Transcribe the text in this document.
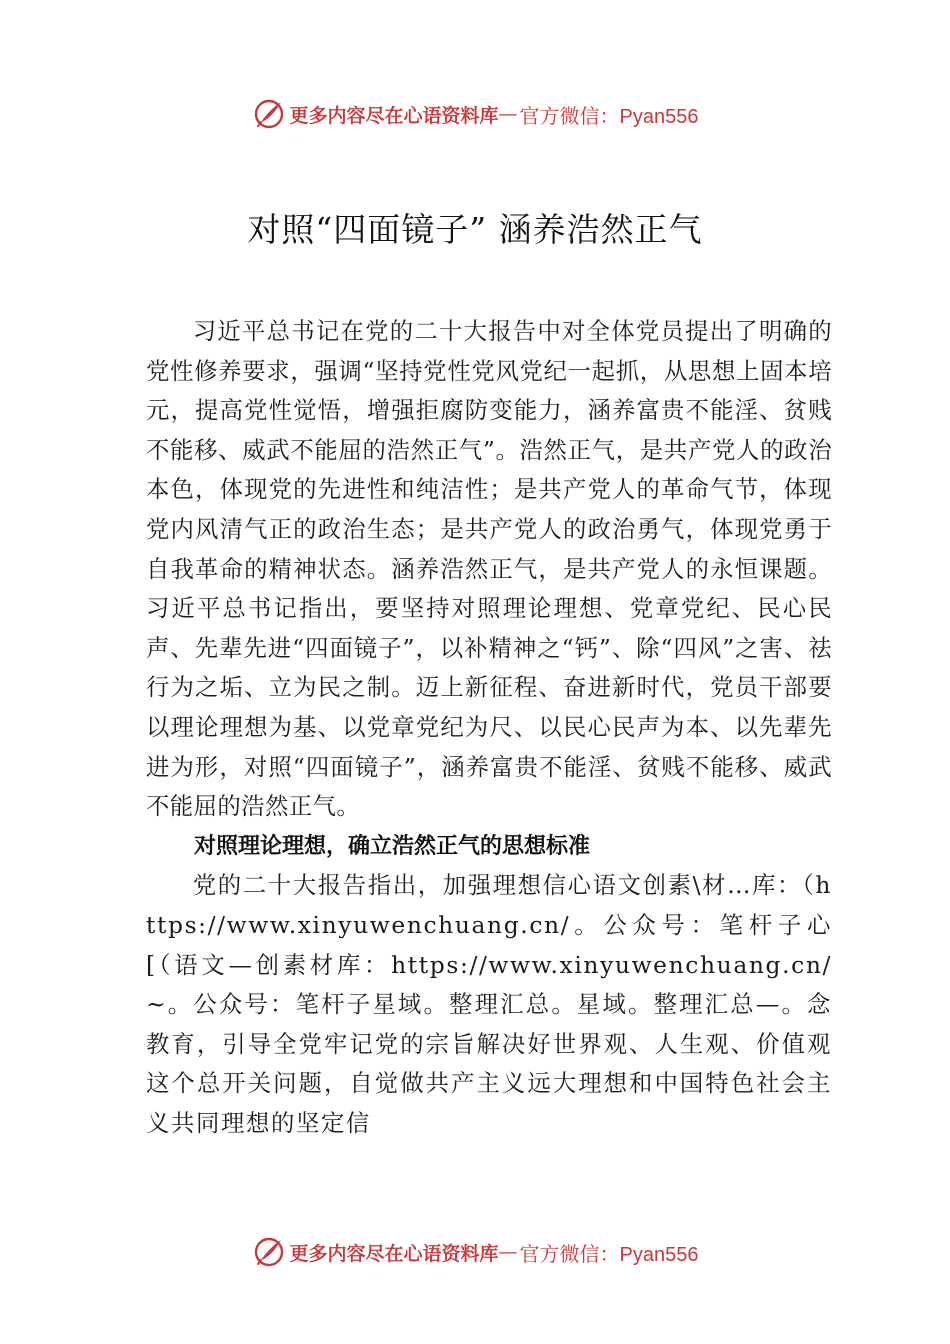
更多内容尽在心语资料库 — 官方微信：Pyan556
对照“四面镜子” 涵养浩然正气

习近平总书记在党的二十大报告中对全体党员提出了明确的党性修养要求，强调“坚持党性党风党纪一起抓，从思想上固本培元，提高党性觉悟，增强拒腐防变能力，涵养富贵不能淫、贫贱不能移、威武不能屈的浩然正气”。浩然正气，是共产党人的政治本色，体现党的先进性和纯洁性；是共产党人的革命气节，体现党内风清气正的政治生态；是共产党人的政治勇气，体现党勇于自我革命的精神状态。涵养浩然正气，是共产党人的永恒课题。习近平总书记指出，要坚持对照理论理想、党章党纪、民心民声、先辈先进“四面镜子”，以补精神之“钙”、除“四风”之害、祛行为之垢、立为民之制。迈上新征程、奋进新时代，党员干部要以理论理想为基、以党章党纪为尺、以民心民声为本、以先辈先进为形，对照“四面镜子”，涵养富贵不能淫、贫贱不能移、威武不能屈的浩然正气。

对照理论理想，确立浩然正气的思想标准

党的二十大报告指出，加强理想信心语文创素\材…库：（https://www.xinyuwenchuang.cn/。公众号：笔杆子心[（语文—创素材库：https://www.xinyuwenchuang.cn/~。公众号：笔杆子星域。整理汇总。星域。整理汇总—。念教育，引导全党牢记党的宗旨解决好世界观、人生观、价值观这个总开关问题，自觉做共产主义远大理想和中国特色社会主义共同理想的坚定信

更多内容尽在心语资料库 — 官方微信：Pyan556
